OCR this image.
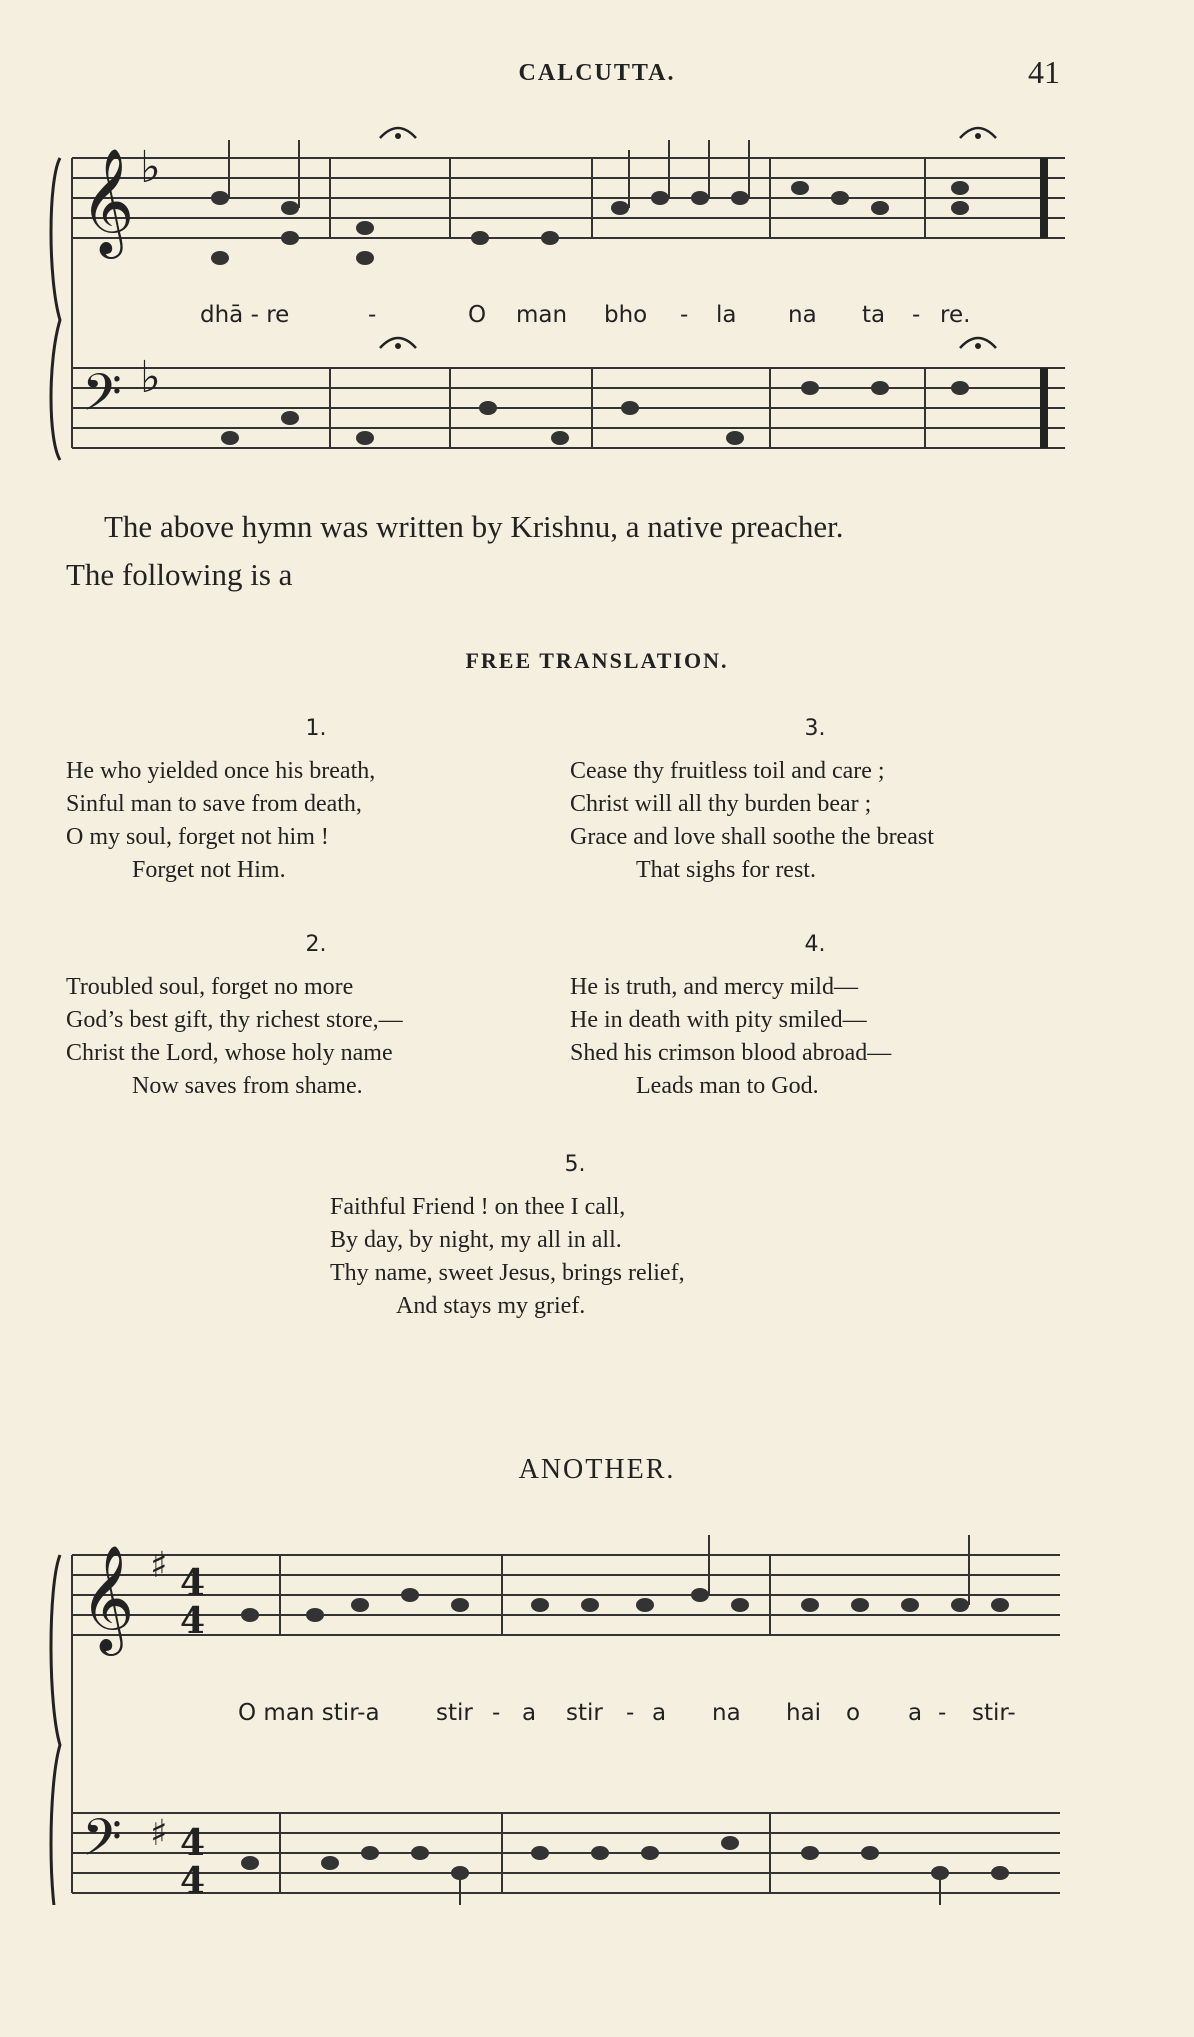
CALCUTTA.	41
𝄞
𝄢
♭
♭
dhā - re	-	O man bho - la na ta - re.
The above hymn was written by Krishnu, a native preacher.
The following is a
FREE TRANSLATION.
1.
He who yielded once his breath,
Sinful man to save from death,
O my soul, forget not him !
Forget not Him.
3.
Cease thy fruitless toil and care ;
Christ will all thy burden bear ;
Grace and love shall soothe the breast
That sighs for rest.
2.
Troubled soul, forget no more
God’s best gift, thy richest store,—
Christ the Lord, whose holy name
Now saves from shame.
4.
He is truth, and mercy mild—
He in death with pity smiled—
Shed his crimson blood abroad—
Leads man to God.
5.
Faithful Friend ! on thee I call,
By day, by night, my all in all.
Thy name, sweet Jesus, brings relief,
And stays my grief.
ANOTHER.
𝄞 ♯ 4
4
𝄢 ♯ 4
4
O man stir-a stir - a stir - a na hai o a - stir-
